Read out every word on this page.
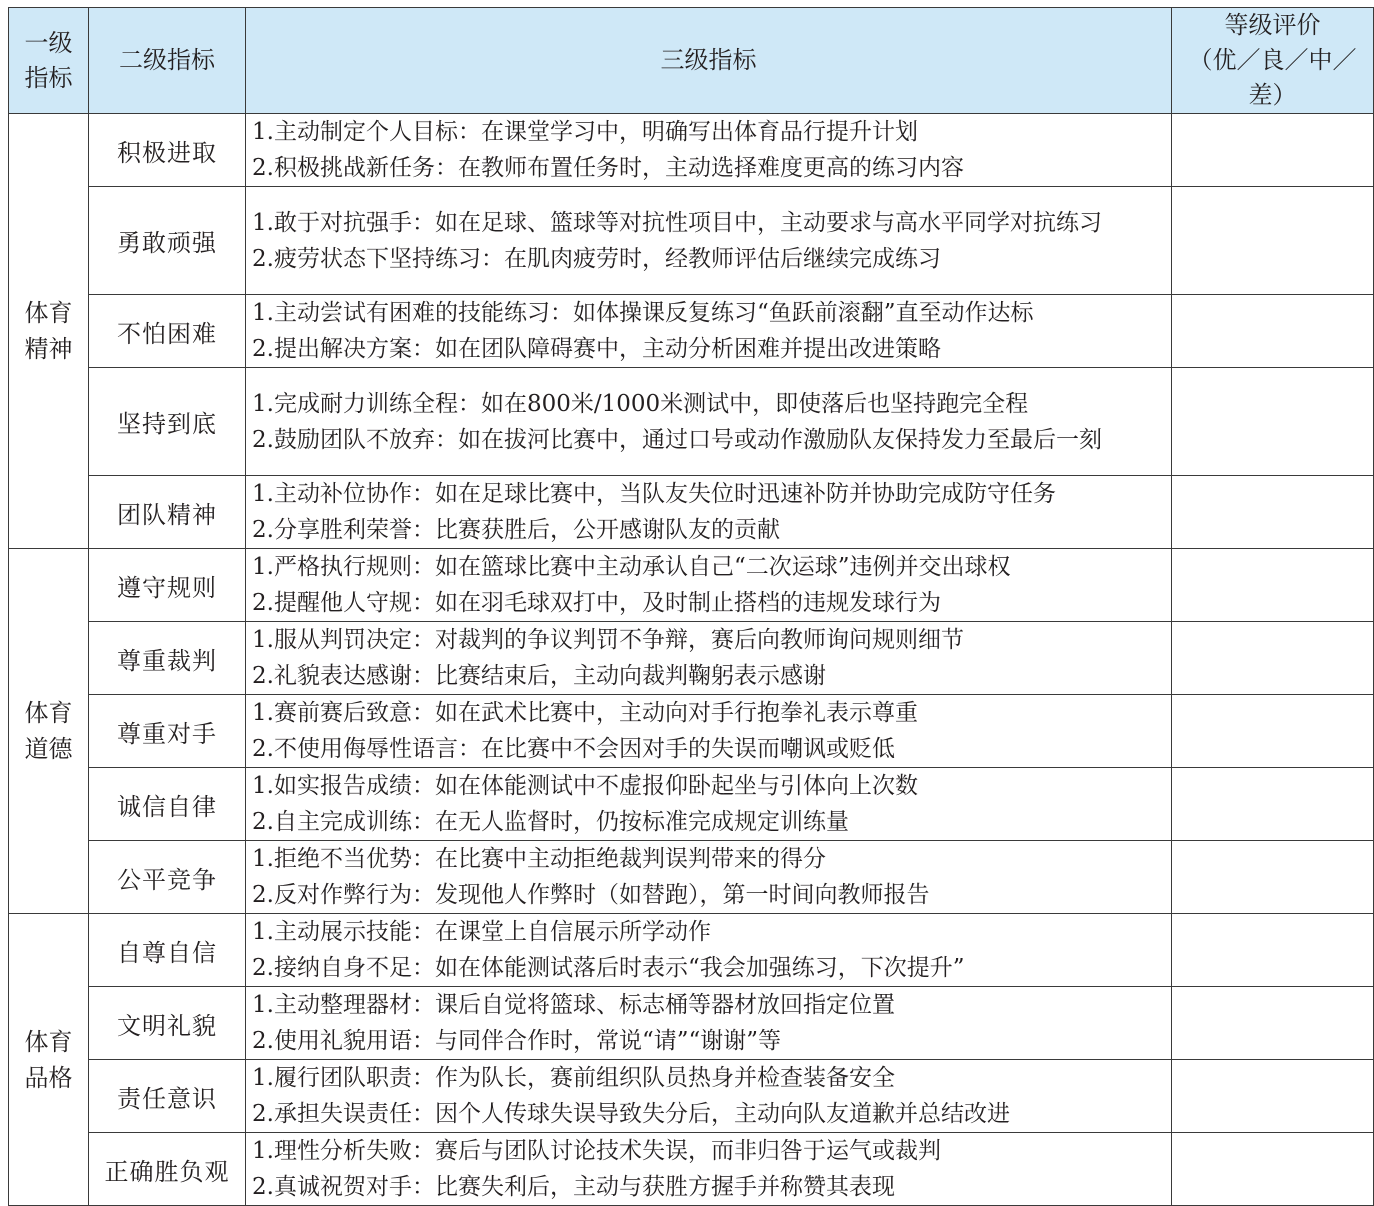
一级指标	二级指标	三级指标	等级评价
（优／良／中／差）

体育精神	积极进取	1.主动制定个人目标：在课堂学习中，明确写出体育品行提升计划
2.积极挑战新任务：在教师布置任务时，主动选择难度更高的练习内容	

	勇敢顽强	1.敢于对抗强手：如在足球、篮球等对抗性项目中，主动要求与高水平同学对抗练习
2.疲劳状态下坚持练习：在肌肉疲劳时，经教师评估后继续完成练习	

	不怕困难	1.主动尝试有困难的技能练习：如体操课反复练习“鱼跃前滚翻”直至动作达标
2.提出解决方案：如在团队障碍赛中，主动分析困难并提出改进策略	

	坚持到底	1.完成耐力训练全程：如在800米/1000米测试中，即使落后也坚持跑完全程
2.鼓励团队不放弃：如在拔河比赛中，通过口号或动作激励队友保持发力至最后一刻	

	团队精神	1.主动补位协作：如在足球比赛中，当队友失位时迅速补防并协助完成防守任务
2.分享胜利荣誉：比赛获胜后，公开感谢队友的贡献	

体育道德	遵守规则	1.严格执行规则：如在篮球比赛中主动承认自己“二次运球”违例并交出球权
2.提醒他人守规：如在羽毛球双打中，及时制止搭档的违规发球行为	

	尊重裁判	1.服从判罚决定：对裁判的争议判罚不争辩，赛后向教师询问规则细节
2.礼貌表达感谢：比赛结束后，主动向裁判鞠躬表示感谢	

	尊重对手	1.赛前赛后致意：如在武术比赛中，主动向对手行抱拳礼表示尊重
2.不使用侮辱性语言：在比赛中不会因对手的失误而嘲讽或贬低	

	诚信自律	1.如实报告成绩：如在体能测试中不虚报仰卧起坐与引体向上次数
2.自主完成训练：在无人监督时，仍按标准完成规定训练量	

	公平竞争	1.拒绝不当优势：在比赛中主动拒绝裁判误判带来的得分
2.反对作弊行为：发现他人作弊时（如替跑），第一时间向教师报告	

体育品格	自尊自信	1.主动展示技能：在课堂上自信展示所学动作
2.接纳自身不足：如在体能测试落后时表示“我会加强练习，下次提升”	

	文明礼貌	1.主动整理器材：课后自觉将篮球、标志桶等器材放回指定位置
2.使用礼貌用语：与同伴合作时，常说“请”“谢谢”等	

	责任意识	1.履行团队职责：作为队长，赛前组织队员热身并检查装备安全
2.承担失误责任：因个人传球失误导致失分后，主动向队友道歉并总结改进	

	正确胜负观	1.理性分析失败：赛后与团队讨论技术失误，而非归咎于运气或裁判
2.真诚祝贺对手：比赛失利后，主动与获胜方握手并称赞其表现	
